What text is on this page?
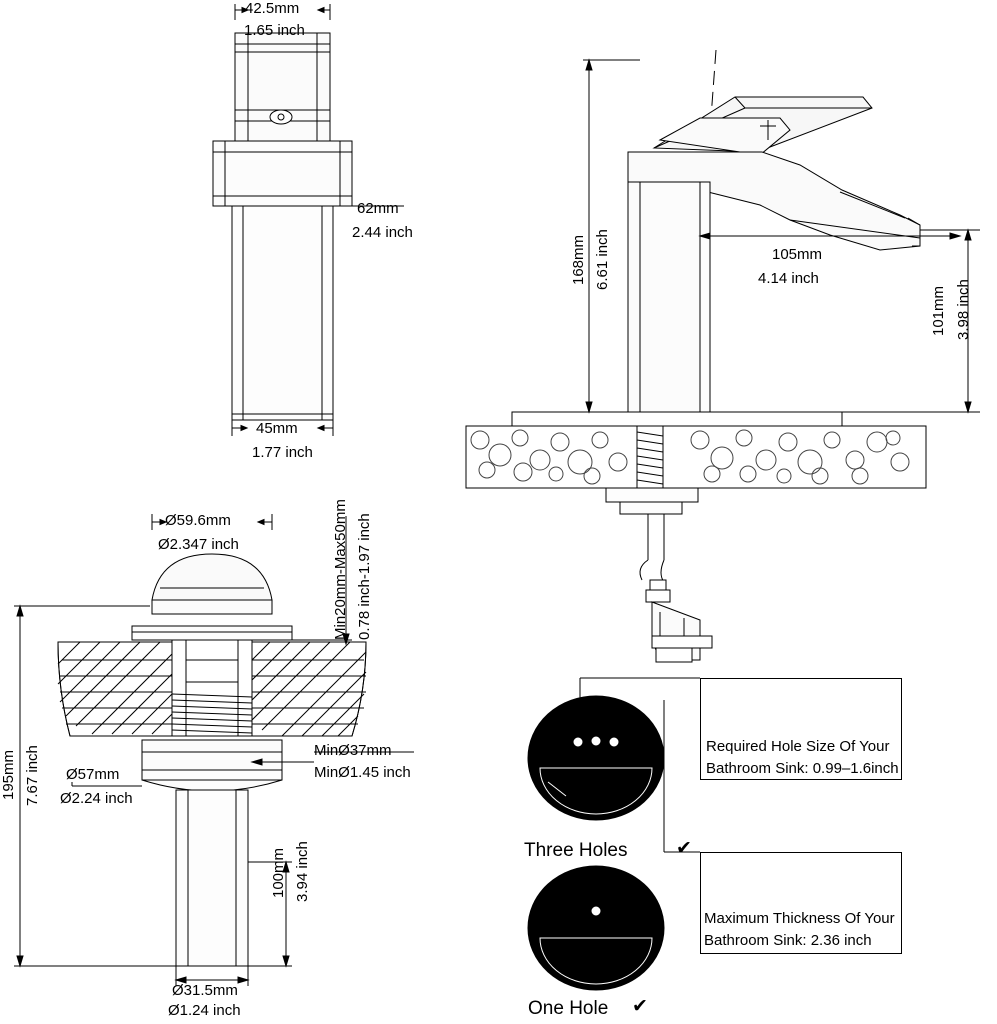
42.5mm
1.65 inch
62mm
2.44 inch
45mm
1.77 inch
168mm 6.61 inch	105mm
4.14 inch
101mm 3.98 inch
Ø59.6mm
Ø2.347 inch	Min20mm-Max50mm 0.78 inch-1.97 inch
MinØ37mm
MinØ1.45 inch
Ø57mm
Ø2.24 inch
195mm 7.67 inch
100mm 3.94 inch
Ø31.5mm
Ø1.24 inch
Three Holes	✔
One Hole ✔
Required Hole Size Of Your
Bathroom Sink: 0.99–1.6inch
Maximum Thickness Of Your
Bathroom Sink: 2.36 inch
